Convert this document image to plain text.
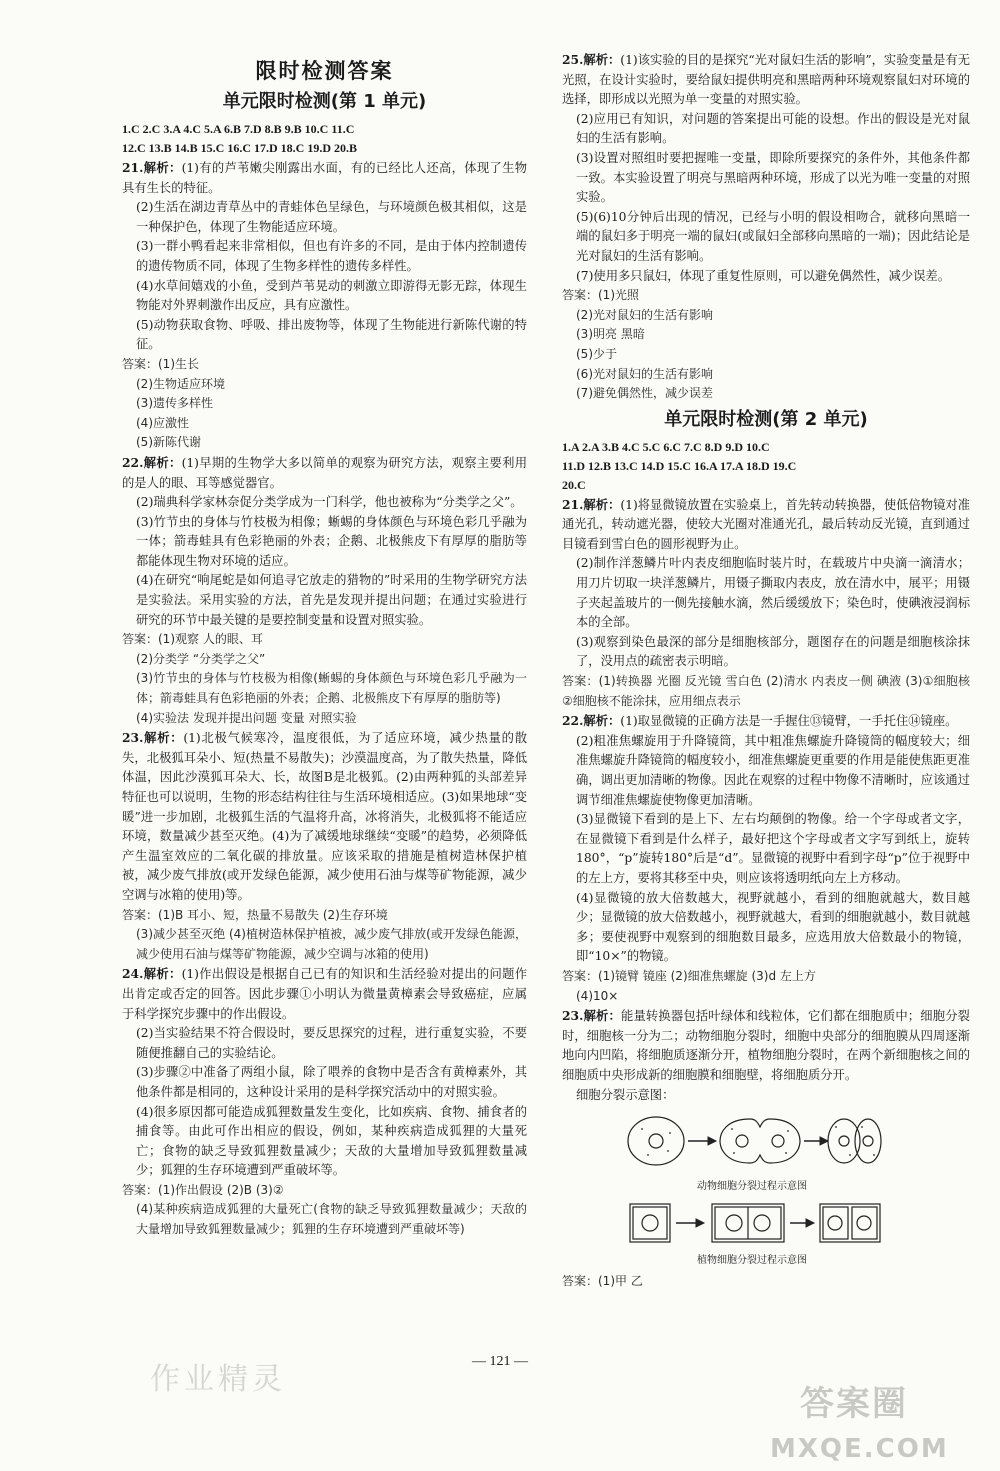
限时检测答案
单元限时检测(第 1 单元)
1.C 2.C 3.A 4.C 5.A 6.B 7.D 8.B 9.B 10.C 11.C
12.C 13.B 14.B 15.C 16.C 17.D 18.C 19.D 20.B

21.解析：(1)有的芦苇嫩尖刚露出水面，有的已经比人还高，体现了生物具有生长的特征。

(2)生活在湖边青草丛中的青蛙体色呈绿色，与环境颜色极其相似，这是一种保护色，体现了生物能适应环境。

(3)一群小鸭看起来非常相似，但也有许多的不同，是由于体内控制遗传的遗传物质不同，体现了生物多样性的遗传多样性。

(4)水草间嬉戏的小鱼，受到芦苇晃动的刺激立即游得无影无踪，体现生物能对外界刺激作出反应，具有应激性。

(5)动物获取食物、呼吸、排出废物等，体现了生物能进行新陈代谢的特征。

答案：(1)生长

(2)生物适应环境

(3)遗传多样性

(4)应激性

(5)新陈代谢

22.解析：(1)早期的生物学大多以简单的观察为研究方法，观察主要利用的是人的眼、耳等感觉器官。

(2)瑞典科学家林奈促分类学成为一门科学，他也被称为“分类学之父”。

(3)竹节虫的身体与竹枝极为相像；蜥蜴的身体颜色与环境色彩几乎融为一体；箭毒蛙具有色彩艳丽的外表；企鹅、北极熊皮下有厚厚的脂肪等都能体现生物对环境的适应。

(4)在研究“响尾蛇是如何追寻它放走的猎物的”时采用的生物学研究方法是实验法。采用实验的方法，首先是发现并提出问题；在通过实验进行研究的环节中最关键的是要控制变量和设置对照实验。

答案：(1)观察 人的眼、耳

(2)分类学 “分类学之父”

(3)竹节虫的身体与竹枝极为相像(蜥蜴的身体颜色与环境色彩几乎融为一体；箭毒蛙具有色彩艳丽的外表；企鹅、北极熊皮下有厚厚的脂肪等)

(4)实验法 发现并提出问题 变量 对照实验

23.解析：(1)北极气候寒冷，温度很低，为了适应环境，减少热量的散失，北极狐耳朵小、短(热量不易散失)；沙漠温度高，为了散失热量，降低体温，因此沙漠狐耳朵大、长，故图B是北极狐。(2)由两种狐的头部差异特征也可以说明，生物的形态结构往往与生活环境相适应。(3)如果地球“变暖”进一步加剧，北极狐生活的气温将升高，冰将消失，北极狐将不能适应环境，数量减少甚至灭绝。(4)为了减缓地球继续“变暖”的趋势，必须降低产生温室效应的二氧化碳的排放量。应该采取的措施是植树造林保护植被，减少废气排放(或开发绿色能源，减少使用石油与煤等矿物能源，减少空调与冰箱的使用)等。

答案：(1)B 耳小、短，热量不易散失 (2)生存环境

(3)减少甚至灭绝 (4)植树造林保护植被，减少废气排放(或开发绿色能源，减少使用石油与煤等矿物能源，减少空调与冰箱的使用)

24.解析：(1)作出假设是根据自己已有的知识和生活经验对提出的问题作出肯定或否定的回答。因此步骤①小明认为微量黄樟素会导致癌症，应属于科学探究步骤中的作出假设。

(2)当实验结果不符合假设时，要反思探究的过程，进行重复实验，不要随便推翻自己的实验结论。

(3)步骤②中准备了两组小鼠，除了喂养的食物中是否含有黄樟素外，其他条件都是相同的，这种设计采用的是科学探究活动中的对照实验。

(4)很多原因都可能造成狐狸数量发生变化，比如疾病、食物、捕食者的捕食等。由此可作出相应的假设，例如，某种疾病造成狐狸的大量死亡；食物的缺乏导致狐狸数量减少；天敌的大量增加导致狐狸数量减少；狐狸的生存环境遭到严重破坏等。

答案：(1)作出假设 (2)B (3)②

(4)某种疾病造成狐狸的大量死亡(食物的缺乏导致狐狸数量减少；天敌的大量增加导致狐狸数量减少；狐狸的生存环境遭到严重破坏等)

25.解析：(1)该实验的目的是探究“光对鼠妇生活的影响”，实验变量是有无光照，在设计实验时，要给鼠妇提供明亮和黑暗两种环境观察鼠妇对环境的选择，即形成以光照为单一变量的对照实验。

(2)应用已有知识，对问题的答案提出可能的设想。作出的假设是光对鼠妇的生活有影响。

(3)设置对照组时要把握唯一变量，即除所要探究的条件外，其他条件都一致。本实验设置了明亮与黑暗两种环境，形成了以光为唯一变量的对照实验。

(5)(6)10分钟后出现的情况，已经与小明的假设相吻合，就移向黑暗一端的鼠妇多于明亮一端的鼠妇(或鼠妇全部移向黑暗的一端)；因此结论是光对鼠妇的生活有影响。

(7)使用多只鼠妇，体现了重复性原则，可以避免偶然性，减少误差。

答案：(1)光照

(2)光对鼠妇的生活有影响

(3)明亮 黑暗

(5)少于

(6)光对鼠妇的生活有影响

(7)避免偶然性，减少误差

单元限时检测(第 2 单元)
1.A 2.A 3.B 4.C 5.C 6.C 7.C 8.D 9.D 10.C
11.D 12.B 13.C 14.D 15.C 16.A 17.A 18.D 19.C
20.C

21.解析：(1)将显微镜放置在实验桌上，首先转动转换器，使低倍物镜对准通光孔，转动遮光器，使较大光圈对准通光孔，最后转动反光镜，直到通过目镜看到雪白色的圆形视野为止。

(2)制作洋葱鳞片叶内表皮细胞临时装片时，在载玻片中央滴一滴清水；用刀片切取一块洋葱鳞片，用镊子撕取内表皮，放在清水中，展平；用镊子夹起盖玻片的一侧先接触水滴，然后缓缓放下；染色时，使碘液浸润标本的全部。

(3)观察到染色最深的部分是细胞核部分，题图存在的问题是细胞核涂抹了，没用点的疏密表示明暗。

答案：(1)转换器 光圈 反光镜 雪白色 (2)清水 内表皮一侧 碘液 (3)①细胞核 ②细胞核不能涂抹，应用细点表示

22.解析：(1)取显微镜的正确方法是一手握住⑬镜臂，一手托住⑭镜座。

(2)粗准焦螺旋用于升降镜筒，其中粗准焦螺旋升降镜筒的幅度较大；细准焦螺旋升降镜筒的幅度较小，细准焦螺旋更重要的作用是能使焦距更准确，调出更加清晰的物像。因此在观察的过程中物像不清晰时，应该通过调节细准焦螺旋使物像更加清晰。

(3)显微镜下看到的是上下、左右均颠倒的物像。给一个字母或者文字，在显微镜下看到是什么样子，最好把这个字母或者文字写到纸上，旋转180°，“p”旋转180°后是“d”。显微镜的视野中看到字母“p”位于视野中的左上方，要将其移至中央，则应该将透明纸向左上方移动。

(4)显微镜的放大倍数越大，视野就越小，看到的细胞就越大，数目越少；显微镜的放大倍数越小，视野就越大，看到的细胞就越小，数目就越多；要使视野中观察到的细胞数目最多，应选用放大倍数最小的物镜，即“10×”的物镜。

答案：(1)镜臂 镜座 (2)细准焦螺旋 (3)d 左上方

(4)10×

23.解析：能量转换器包括叶绿体和线粒体，它们都在细胞质中；细胞分裂时，细胞核一分为二；动物细胞分裂时，细胞中央部分的细胞膜从四周逐渐地向内凹陷，将细胞质逐渐分开，植物细胞分裂时，在两个新细胞核之间的细胞质中央形成新的细胞膜和细胞壁，将细胞质分开。

细胞分裂示意图：

动物细胞分裂过程示意图
植物细胞分裂过程示意图
答案：(1)甲 乙
— 121 —
作业精灵
答案圈
MXQE.COM
